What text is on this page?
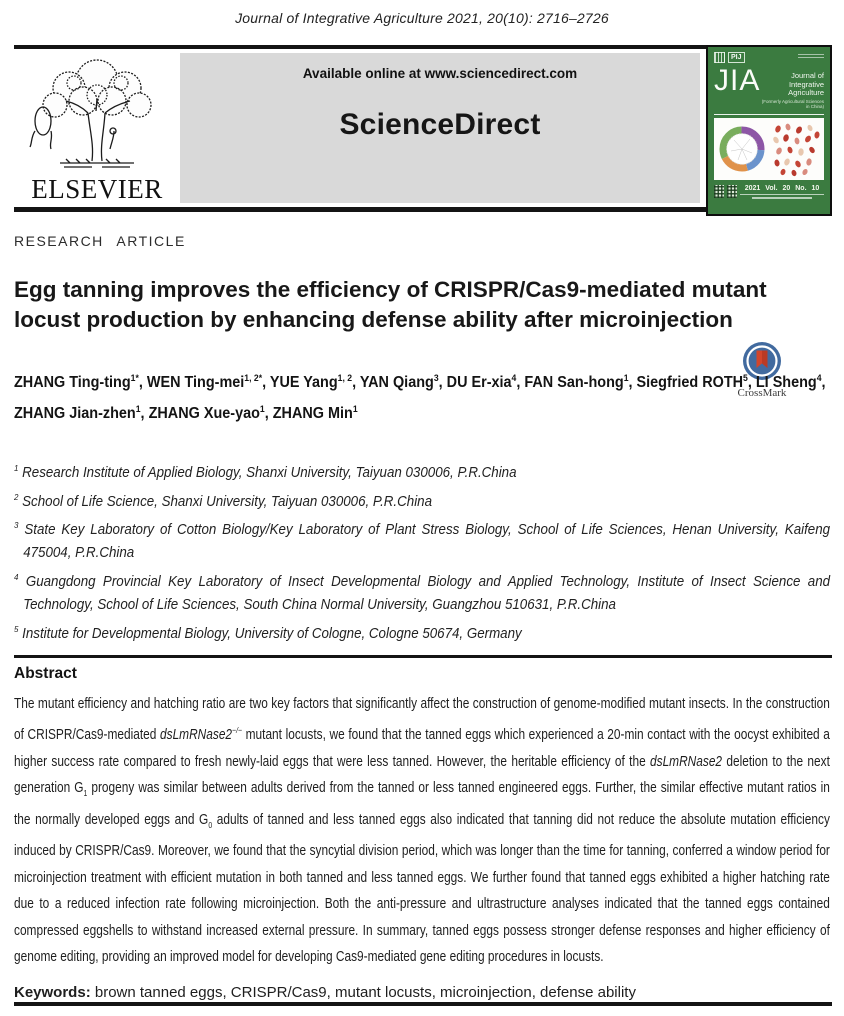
Journal of Integrative Agriculture 2021, 20(10): 2716–2726
ELSEVIER
Available online at www.sciencedirect.com
ScienceDirect
PIJ
JIA	Journal of
Integrative Agriculture
(Formerly Agricultural Sciences in China)
2021 Vol. 20 No. 10
RESEARCH ARTICLE
Egg tanning improves the efficiency of CRISPR/Cas9-mediated mutant locust production by enhancing defense ability after microinjection
CrossMark

ZHANG Ting-ting$^{1*}$, WEN Ting-mei$^{1, 2*}$, YUE Yang$^{1, 2}$, YAN Qiang$^3$, DU Er-xia$^4$, FAN San-hong$^1$, Siegfried ROTH$^5$, LI Sheng$^4$, ZHANG Jian-zhen$^1$, ZHANG Xue-yao$^1$, ZHANG Min$^1$

$^1$ Research Institute of Applied Biology, Shanxi University, Taiyuan 030006, P.R.China
$^2$ School of Life Science, Shanxi University, Taiyuan 030006, P.R.China
$^3$ State Key Laboratory of Cotton Biology/Key Laboratory of Plant Stress Biology, School of Life Sciences, Henan University, Kaifeng 475004, P.R.China
$^4$ Guangdong Provincial Key Laboratory of Insect Developmental Biology and Applied Technology, Institute of Insect Science and Technology, School of Life Sciences, South China Normal University, Guangzhou 510631, P.R.China
$^5$ Institute for Developmental Biology, University of Cologne, Cologne 50674, Germany
Abstract

The mutant efficiency and hatching ratio are two key factors that significantly affect the construction of genome-modified mutant insects. In the construction of CRISPR/Cas9-mediated dsLmRNase2−/− mutant locusts, we found that the tanned eggs which experienced a 20-min contact with the oocyst exhibited a higher success rate compared to fresh newly-laid eggs that were less tanned. However, the heritable efficiency of the dsLmRNase2 deletion to the next generation $G_1$ progeny was similar between adults derived from the tanned or less tanned engineered eggs. Further, the similar effective mutant ratios in the normally developed eggs and $G_0$ adults of tanned and less tanned eggs also indicated that tanning did not reduce the absolute mutation efficiency induced by CRISPR/Cas9. Moreover, we found that the syncytial division period, which was longer than the time for tanning, conferred a window period for microinjection treatment with efficient mutation in both tanned and less tanned eggs. We further found that tanned eggs exhibited a higher hatching rate due to a reduced infection rate following microinjection. Both the anti-pressure and ultrastructure analyses indicated that the tanned eggs contained compressed eggshells to withstand increased external pressure. In summary, tanned eggs possess stronger defense responses and higher efficiency of genome editing, providing an improved model for developing Cas9-mediated gene editing procedures in locusts.

Keywords: brown tanned eggs, CRISPR/Cas9, mutant locusts, microinjection, defense ability
